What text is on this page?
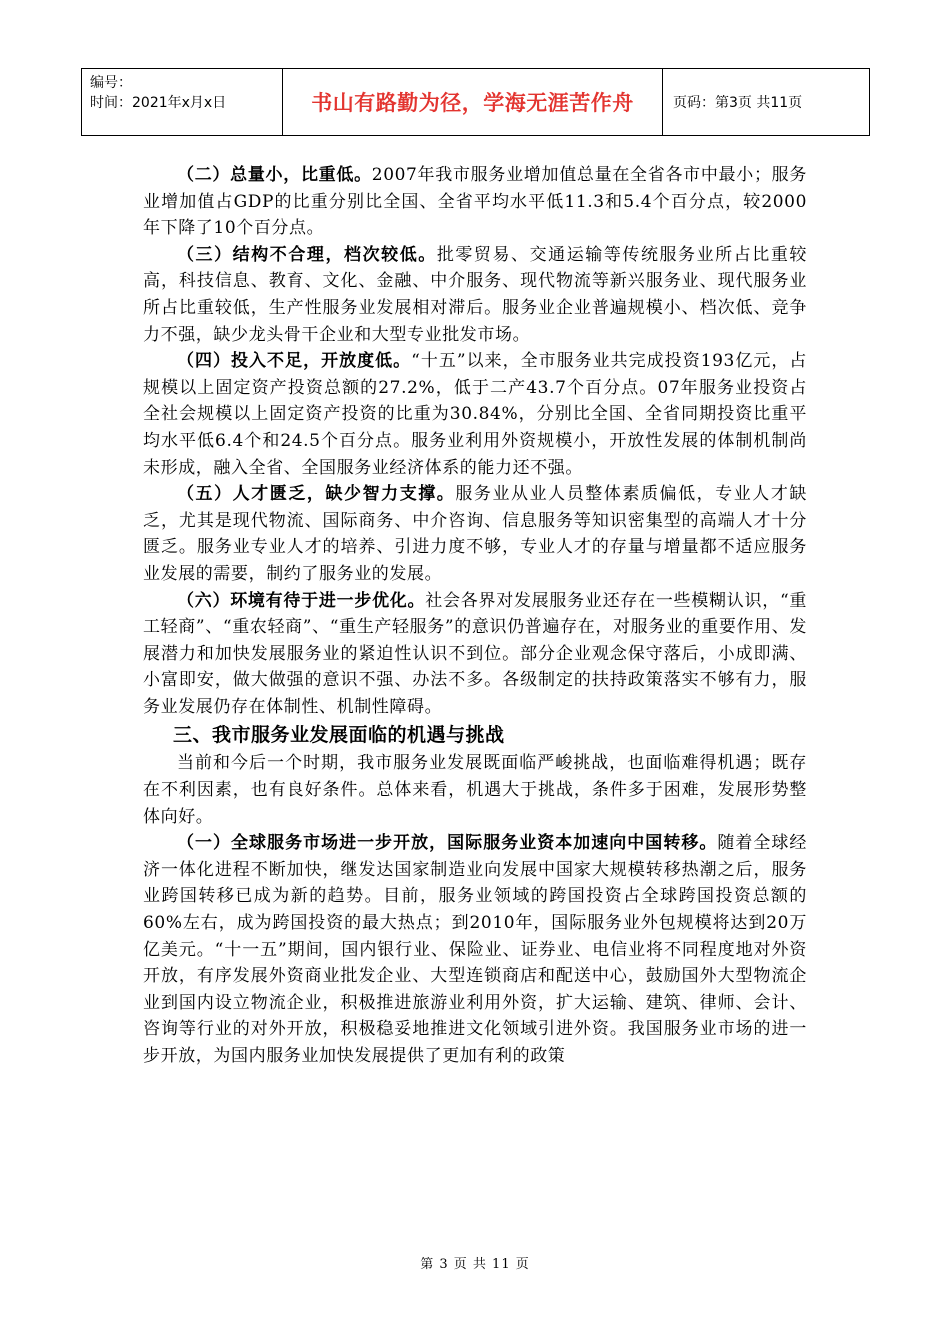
编号：
时间：2021年x月x日	书山有路勤为径，学海无涯苦作舟	页码：第3页 共11页

（二）总量小，比重低。2007年我市服务业增加值总量在全省各市中最小；服务业增加值占GDP的比重分别比全国、全省平均水平低11.3和5.4个百分点，较2000年下降了10个百分点。

（三）结构不合理，档次较低。批零贸易、交通运输等传统服务业所占比重较高，科技信息、教育、文化、金融、中介服务、现代物流等新兴服务业、现代服务业所占比重较低，生产性服务业发展相对滞后。服务业企业普遍规模小、档次低、竞争力不强，缺少龙头骨干企业和大型专业批发市场。

（四）投入不足，开放度低。“十五”以来，全市服务业共完成投资193亿元，占规模以上固定资产投资总额的27.2%，低于二产43.7个百分点。07年服务业投资占全社会规模以上固定资产投资的比重为30.84%，分别比全国、全省同期投资比重平均水平低6.4个和24.5个百分点。服务业利用外资规模小，开放性发展的体制机制尚未形成，融入全省、全国服务业经济体系的能力还不强。

（五）人才匮乏，缺少智力支撑。服务业从业人员整体素质偏低，专业人才缺乏，尤其是现代物流、国际商务、中介咨询、信息服务等知识密集型的高端人才十分匮乏。服务业专业人才的培养、引进力度不够，专业人才的存量与增量都不适应服务业发展的需要，制约了服务业的发展。

（六）环境有待于进一步优化。社会各界对发展服务业还存在一些模糊认识，“重工轻商”、“重农轻商”、“重生产轻服务”的意识仍普遍存在，对服务业的重要作用、发展潜力和加快发展服务业的紧迫性认识不到位。部分企业观念保守落后，小成即满、小富即安，做大做强的意识不强、办法不多。各级制定的扶持政策落实不够有力，服务业发展仍存在体制性、机制性障碍。

三、我市服务业发展面临的机遇与挑战

当前和今后一个时期，我市服务业发展既面临严峻挑战，也面临难得机遇；既存在不利因素，也有良好条件。总体来看，机遇大于挑战，条件多于困难，发展形势整体向好。

（一）全球服务市场进一步开放，国际服务业资本加速向中国转移。随着全球经济一体化进程不断加快，继发达国家制造业向发展中国家大规模转移热潮之后，服务业跨国转移已成为新的趋势。目前，服务业领域的跨国投资占全球跨国投资总额的60%左右，成为跨国投资的最大热点；到2010年，国际服务业外包规模将达到20万亿美元。“十一五”期间，国内银行业、保险业、证券业、电信业将不同程度地对外资开放，有序发展外资商业批发企业、大型连锁商店和配送中心，鼓励国外大型物流企业到国内设立物流企业，积极推进旅游业利用外资，扩大运输、建筑、律师、会计、咨询等行业的对外开放，积极稳妥地推进文化领域引进外资。我国服务业市场的进一步开放，为国内服务业加快发展提供了更加有利的政策

第 3 页 共 11 页
